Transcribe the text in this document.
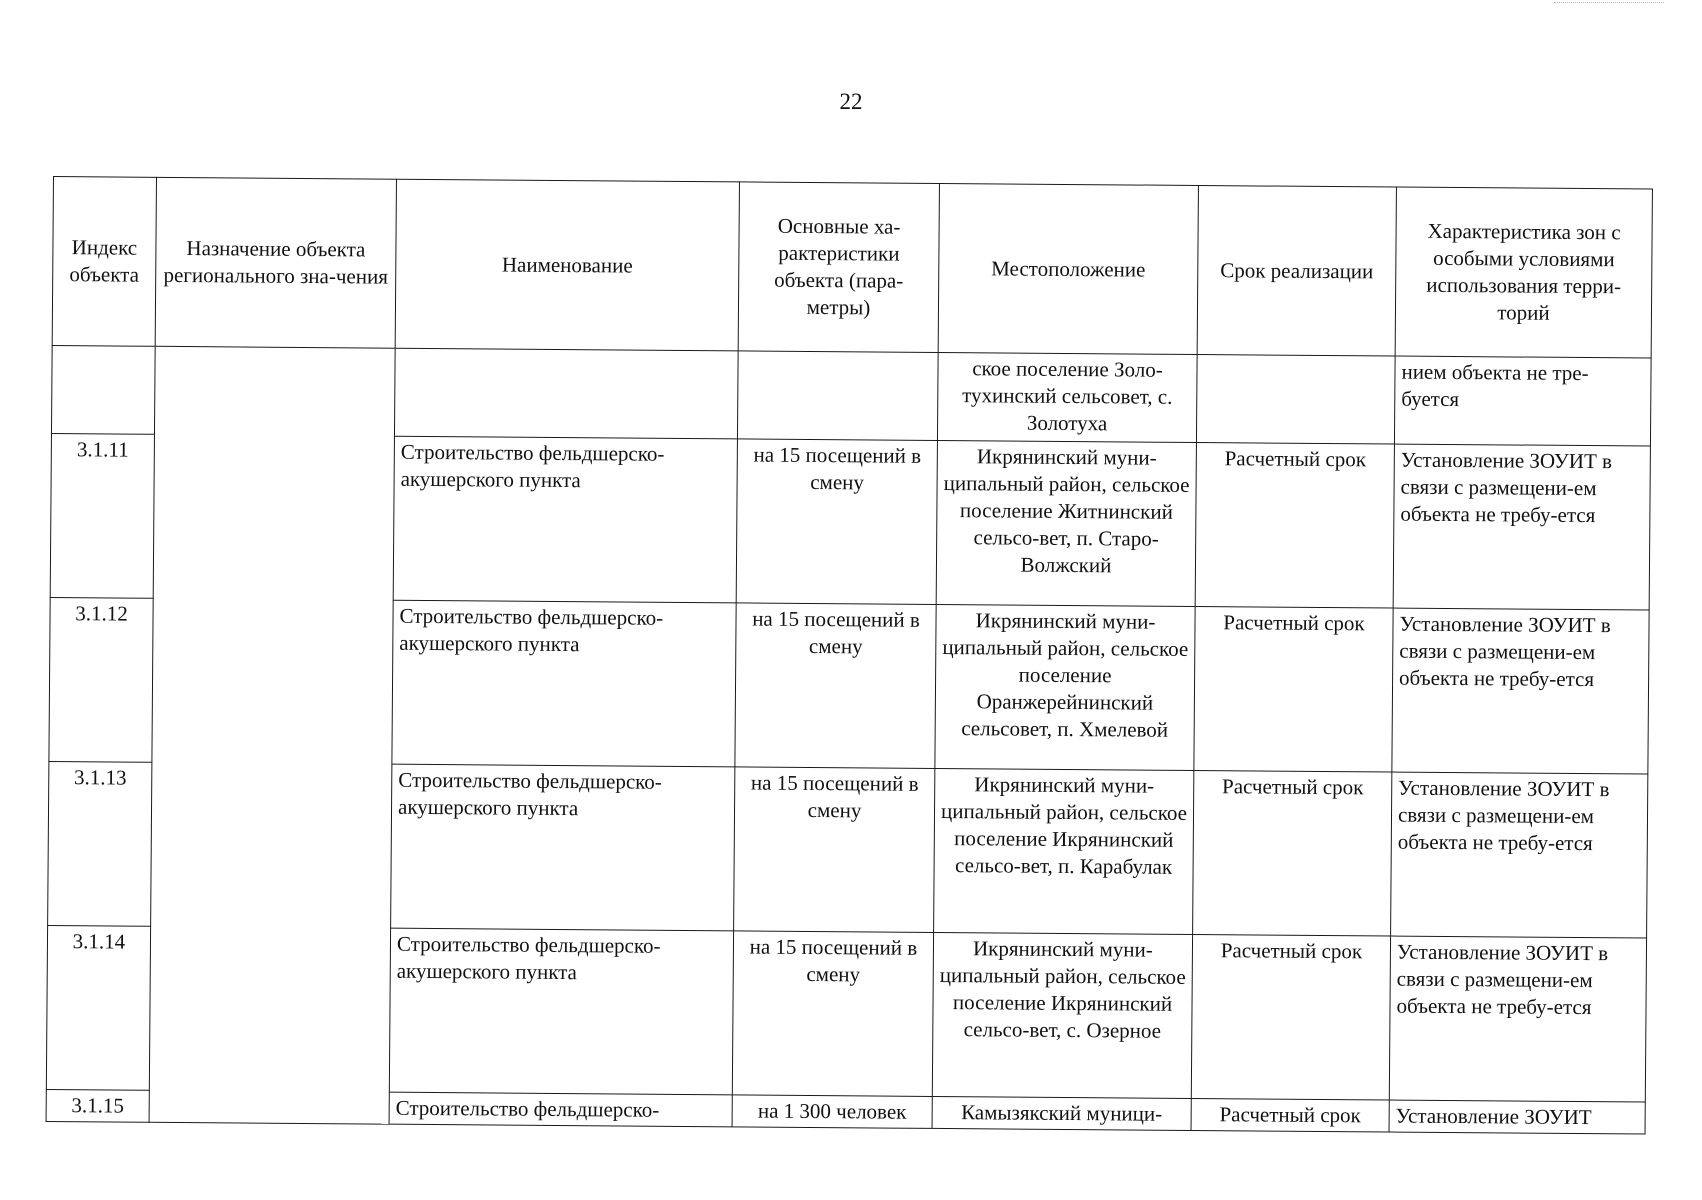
22
Индекс объекта	Назначение объекта регионального зна-чения	Наименование	Основные ха-рактеристики объекта (пара-метры)	Местоположение	Срок реализации	Характеристика зон с особыми условиями использования терри-торий
				ское поселение Золо-тухинский сельсовет, с. Золотуха		нием объекта не тре-буется
3.1.11		Строительство фельдшерско-акушерского пункта	на 15 посещений в смену	Икрянинский муни-ципальный район, сельское поселение Житнинский сельсо-вет, п. Старо-Волжский	Расчетный срок	Установление ЗОУИТ в связи с размещени-ем объекта не требу-ется
3.1.12		Строительство фельдшерско-акушерского пункта	на 15 посещений в смену	Икрянинский муни-ципальный район, сельское поселение Оранжерейнинский сельсовет, п. Хмелевой	Расчетный срок	Установление ЗОУИТ в связи с размещени-ем объекта не требу-ется
3.1.13		Строительство фельдшерско-акушерского пункта	на 15 посещений в смену	Икрянинский муни-ципальный район, сельское поселение Икрянинский сельсо-вет, п. Карабулак	Расчетный срок	Установление ЗОУИТ в связи с размещени-ем объекта не требу-ется
3.1.14		Строительство фельдшерско-акушерского пункта	на 15 посещений в смену	Икрянинский муни-ципальный район, сельское поселение Икрянинский сельсо-вет, с. Озерное	Расчетный срок	Установление ЗОУИТ в связи с размещени-ем объекта не требу-ется
3.1.15		Строительство фельдшерско-	на 1 300 человек	Камызякский муници-	Расчетный срок	Установление ЗОУИТ
